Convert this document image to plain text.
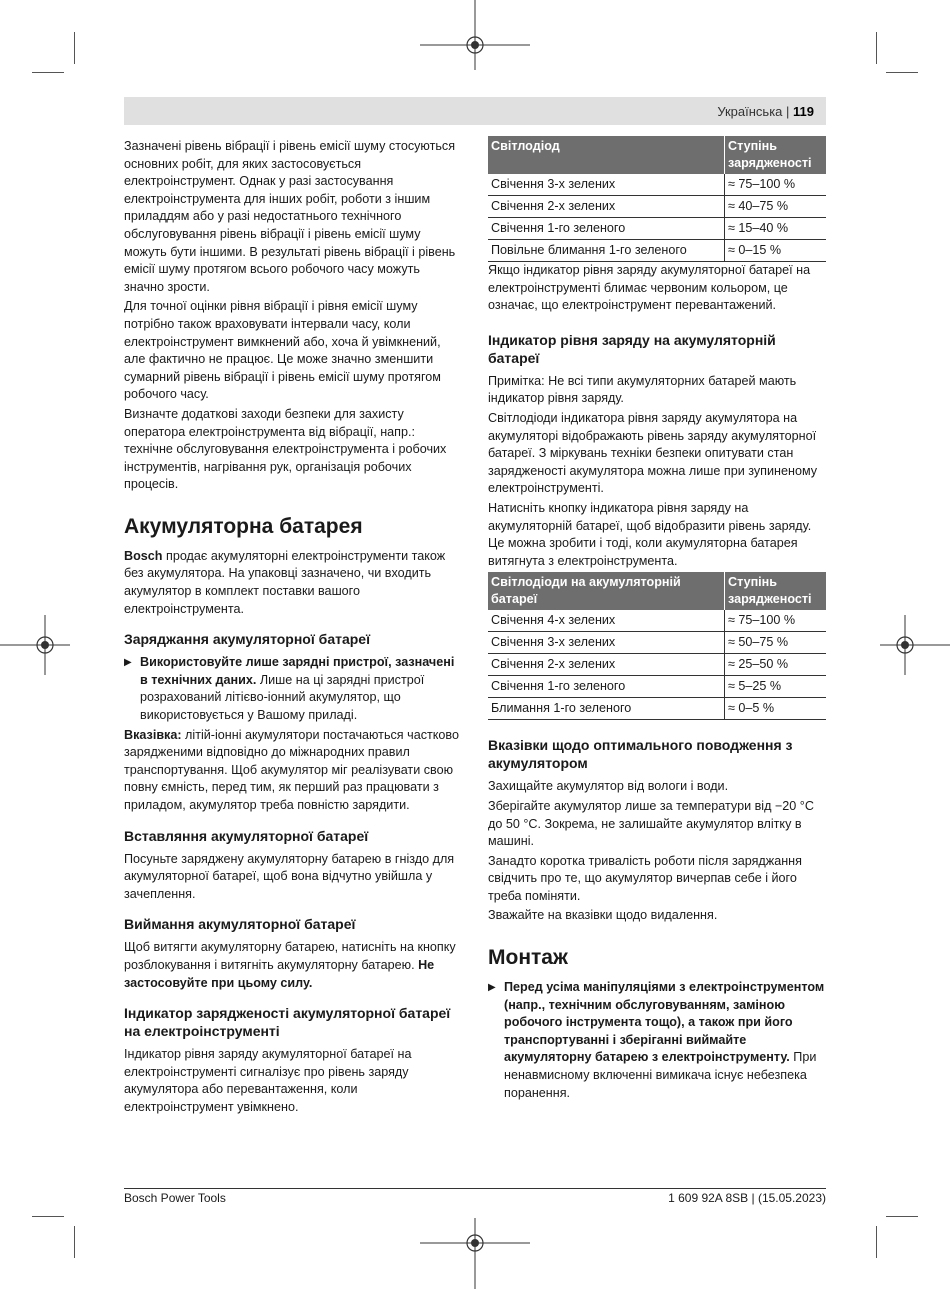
Українська | 119

Зазначені рівень вібрації і рівень емісії шуму стосуються основних робіт, для яких застосовується електроінструмент. Однак у разі застосування електроінструмента для інших робіт, роботи з іншим приладдям або у разі недостатнього технічного обслуговування рівень вібрації і рівень емісії шуму можуть бути іншими. В результаті рівень вібрації і рівень емісії шуму протягом всього робочого часу можуть значно зрости.

Для точної оцінки рівня вібрації і рівня емісії шуму потрібно також враховувати інтервали часу, коли електроінструмент вимкнений або, хоча й увімкнений, але фактично не працює. Це може значно зменшити сумарний рівень вібрації і рівень емісії шуму протягом робочого часу.

Визначте додаткові заходи безпеки для захисту оператора електроінструмента від вібрації, напр.: технічне обслуговування електроінструмента і робочих інструментів, нагрівання рук, організація робочих процесів.

Акумуляторна батарея

Bosch продає акумуляторні електроінструменти також без акумулятора. На упаковці зазначено, чи входить акумулятор в комплект поставки вашого електроінструмента.

Заряджання акумуляторної батареї

▶ Використовуйте лише зарядні пристрої, зазначені в технічних даних. Лише на ці зарядні пристрої розрахований літієво-іонний акумулятор, що використовується у Вашому приладі.

Вказівка: літій-іонні акумулятори постачаються частково зарядженими відповідно до міжнародних правил транспортування. Щоб акумулятор міг реалізувати свою повну ємність, перед тим, як перший раз працювати з приладом, акумулятор треба повністю зарядити.

Вставляння акумуляторної батареї

Посуньте заряджену акумуляторну батарею в гніздо для акумуляторної батареї, щоб вона відчутно увійшла у зачеплення.

Виймання акумуляторної батареї

Щоб витягти акумуляторну батарею, натисніть на кнопку розблокування і витягніть акумуляторну батарею. Не застосовуйте при цьому силу.

Індикатор зарядженості акумуляторної батареї на електроінструменті

Індикатор рівня заряду акумуляторної батареї на електроінструменті сигналізує про рівень заряду акумулятора або перевантаження, коли електроінструмент увімкнено.

Світлодіод	Ступінь зарядженості
Свічення 3-х зелених	≈ 75–100 %
Свічення 2-х зелених	≈ 40–75 %
Свічення 1-го зеленого	≈ 15–40 %
Повільне блимання 1-го зеленого	≈ 0–15 %

Якщо індикатор рівня заряду акумуляторної батареї на електроінструменті блимає червоним кольором, це означає, що електроінструмент перевантажений.

Індикатор рівня заряду на акумуляторній батареї

Примітка: Не всі типи акумуляторних батарей мають індикатор рівня заряду.

Світлодіоди індикатора рівня заряду акумулятора на акумуляторі відображають рівень заряду акумуляторної батареї. З міркувань техніки безпеки опитувати стан зарядженості акумулятора можна лише при зупиненому електроінструменті.

Натисніть кнопку індикатора рівня заряду на акумуляторній батареї, щоб відобразити рівень заряду. Це можна зробити і тоді, коли акумуляторна батарея витягнута з електроінструмента.

Світлодіоди на акумуляторній батареї	Ступінь зарядженості
Свічення 4-х зелених	≈ 75–100 %
Свічення 3-х зелених	≈ 50–75 %
Свічення 2-х зелених	≈ 25–50 %
Свічення 1-го зеленого	≈ 5–25 %
Блимання 1-го зеленого	≈ 0–5 %
Вказівки щодо оптимального поводження з акумулятором

Захищайте акумулятор від вологи і води.

Зберігайте акумулятор лише за температури від −20 °C до 50 °C. Зокрема, не залишайте акумулятор влітку в машині.

Занадто коротка тривалість роботи після заряджання свідчить про те, що акумулятор вичерпав себе і його треба поміняти.

Зважайте на вказівки щодо видалення.

Монтаж

▶ Перед усіма маніпуляціями з електроінструментом (напр., технічним обслуговуванням, заміною робочого інструмента тощо), а також при його транспортуванні і зберіганні виймайте акумуляторну батарею з електроінструменту. При ненавмисному включенні вимикача існує небезпека поранення.

Bosch Power Tools	1 609 92A 8SB | (15.05.2023)
